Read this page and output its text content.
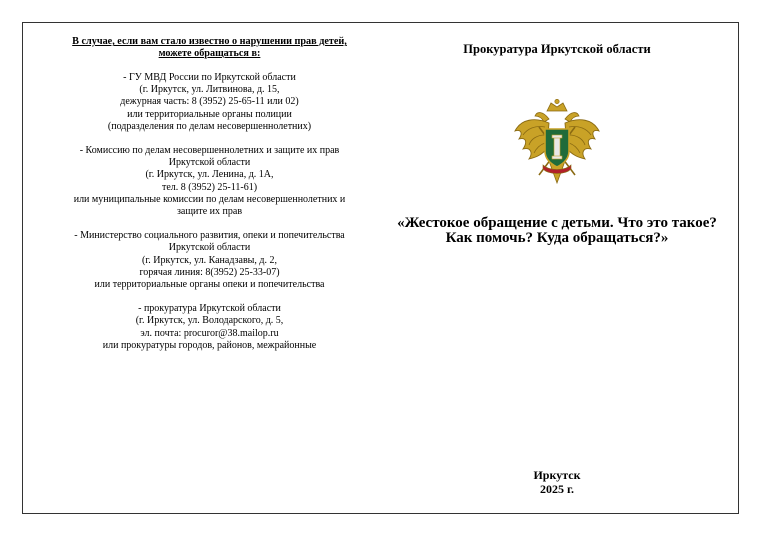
В случае, если вам стало известно о нарушении прав детей,
можете обращаться в:

- ГУ МВД России по Иркутской области

(г. Иркутск, ул. Литвинова, д. 15,

дежурная часть: 8 (3952) 25-65-11 или 02)

или территориальные органы полиции

(подразделения по делам несовершеннолетних)

- Комиссию по делам несовершеннолетних и защите их прав

Иркутской области

(г. Иркутск, ул. Ленина, д. 1А,

тел. 8 (3952) 25-11-61)

или муниципальные комиссии по делам несовершеннолетних и

защите их прав

- Министерство социального развития, опеки и попечительства

Иркутской области

(г. Иркутск, ул. Канадзавы, д. 2,

горячая линия: 8(3952) 25-33-07)

или территориальные органы опеки и попечительства

- прокуратура Иркутской области

(г. Иркутск, ул. Володарского, д. 5,

эл. почта: procuror@38.mailop.ru

или прокуратуры городов, районов, межрайонные

Прокуратура Иркутской области
«Жестокое обращение с детьми. Что это такое?
Как помочь? Куда обращаться?»
Иркутск
2025 г.
